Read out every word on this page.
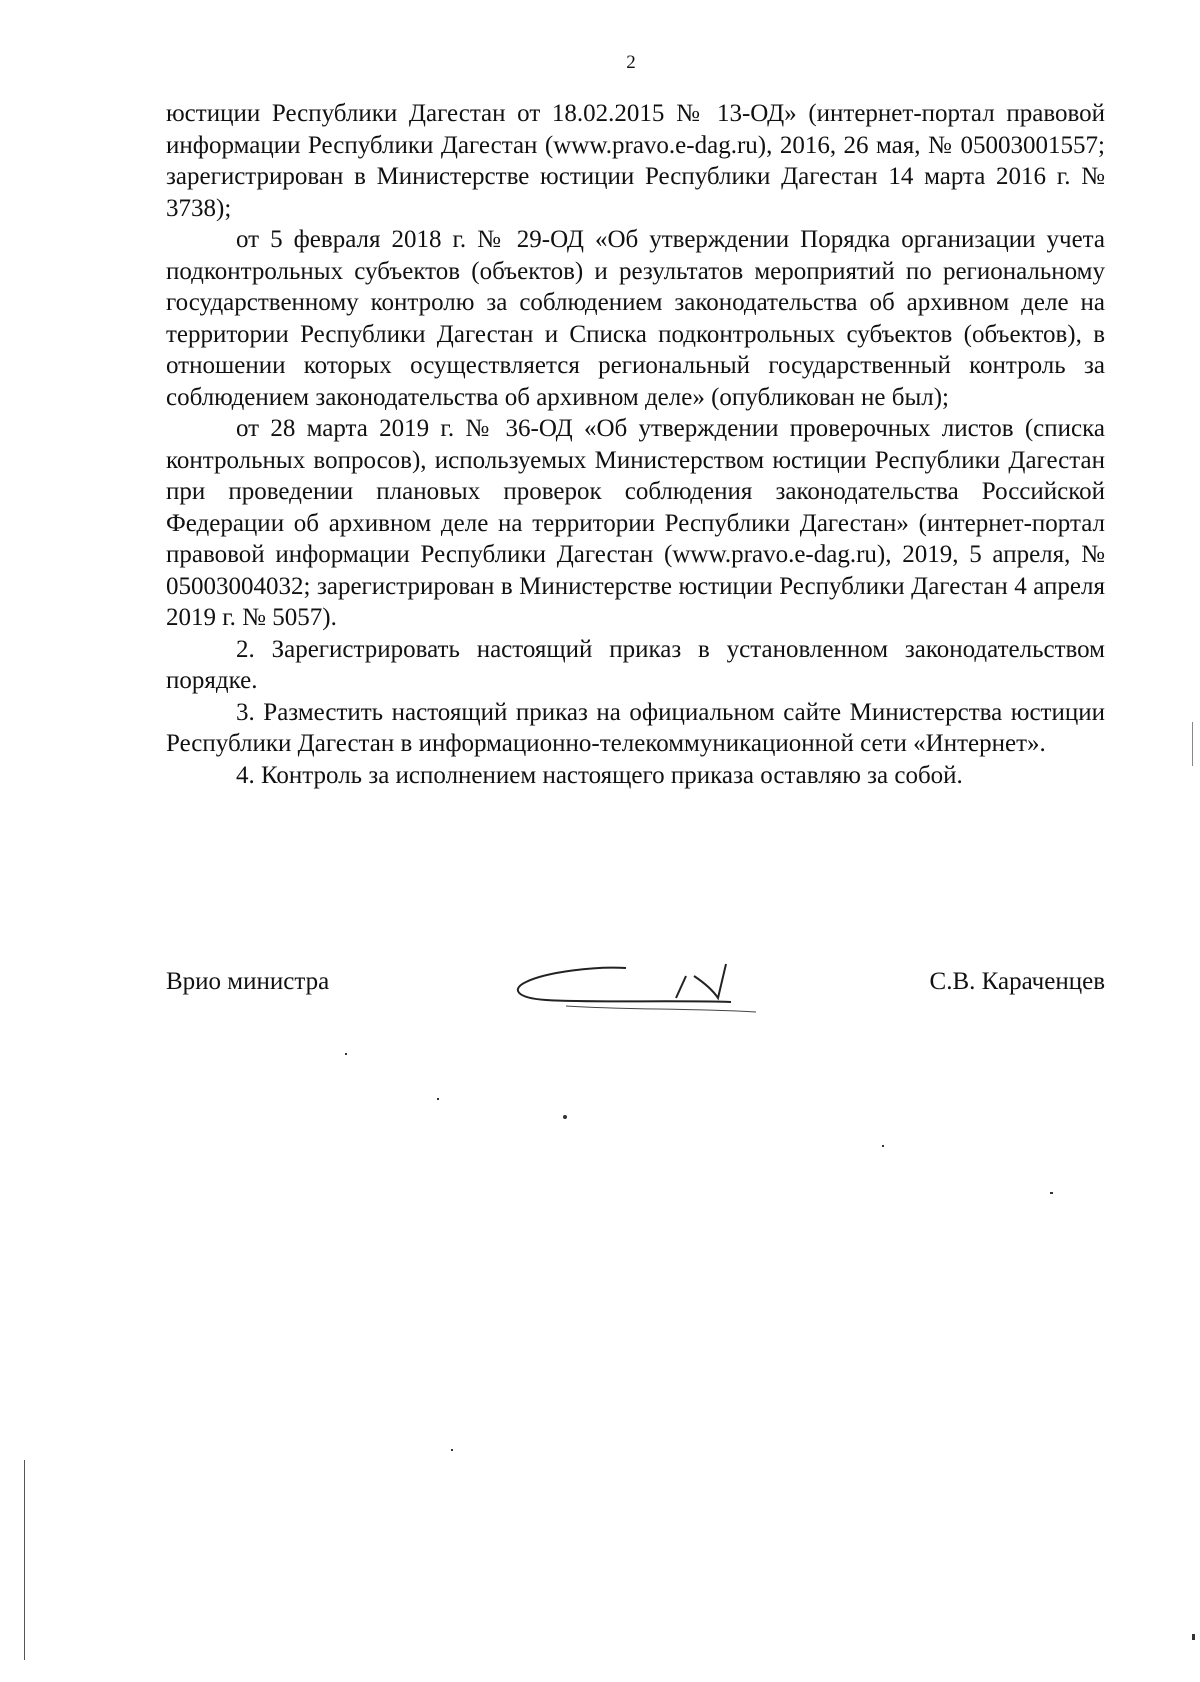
2

юстиции Республики Дагестан от 18.02.2015 № 13-ОД» (интернет-портал правовой информации Республики Дагестан (www.pravo.e-dag.ru), 2016, 26 мая, № 05003001557; зарегистрирован в Министерстве юстиции Республики Дагестан 14 марта 2016 г. № 3738);

от 5 февраля 2018 г. № 29-ОД «Об утверждении Порядка организации учета подконтрольных субъектов (объектов) и результатов мероприятий по региональному государственному контролю за соблюдением законодательства об архивном деле на территории Республики Дагестан и Списка подконтрольных субъектов (объектов), в отношении которых осуществляется региональный государственный контроль за соблюдением законодательства об архивном деле» (опубликован не был);

от 28 марта 2019 г. № 36-ОД «Об утверждении проверочных листов (списка контрольных вопросов), используемых Министерством юстиции Республики Дагестан при проведении плановых проверок соблюдения законодательства Российской Федерации об архивном деле на территории Республики Дагестан» (интернет-портал правовой информации Республики Дагестан (www.pravo.e-dag.ru), 2019, 5 апреля, № 05003004032; зарегистрирован в Министерстве юстиции Республики Дагестан 4 апреля 2019 г. № 5057).

2. Зарегистрировать настоящий приказ в установленном законодательством порядке.

3. Разместить настоящий приказ на официальном сайте Министерства юстиции Республики Дагестан в информационно-телекоммуникационной сети «Интернет».

4. Контроль за исполнением настоящего приказа оставляю за собой.

Врио министра	С.В. Караченцев
